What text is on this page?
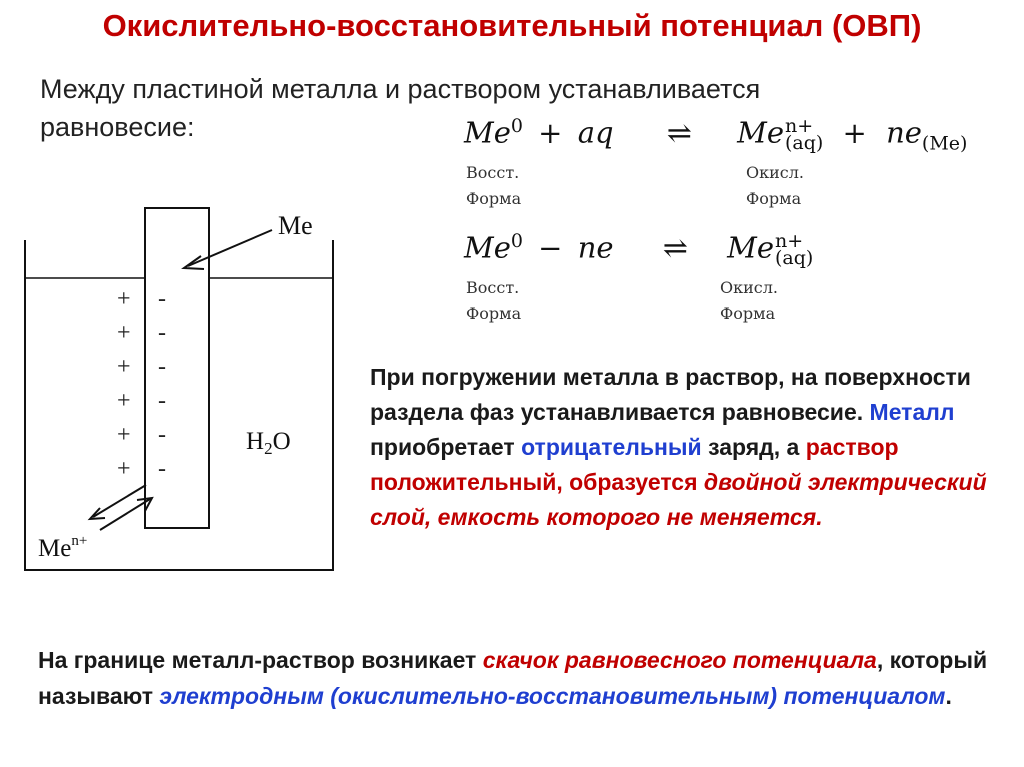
Окислительно-восстановительный потенциал (ОВП)
Между пластиной металла и раствором устанавливается равновесие:	$Me^0$ + aq ⇌ Me n+
$(aq) + ne_{(Me)}$
Восст.
Форма
Окисл.
Форма
$Me^0$ − ne ⇌ Me n+
(aq)
Восст.
Форма
Окисл.
Форма
Me
$H_2O$
+
+
+
+
+
+
-
-
-
-
-
-
$Me^{n+}$
При погружении металла в раствор, на поверхности раздела фаз устанавливается равновесие. Металл приобретает отрицательный заряд, а раствор положительный, образуется двойной электрический слой, емкость которого не меняется.
На границе металл-раствор возникает скачок равновесного потенциала, который называют электродным (окислительно-восстановительным) потенциалом.
